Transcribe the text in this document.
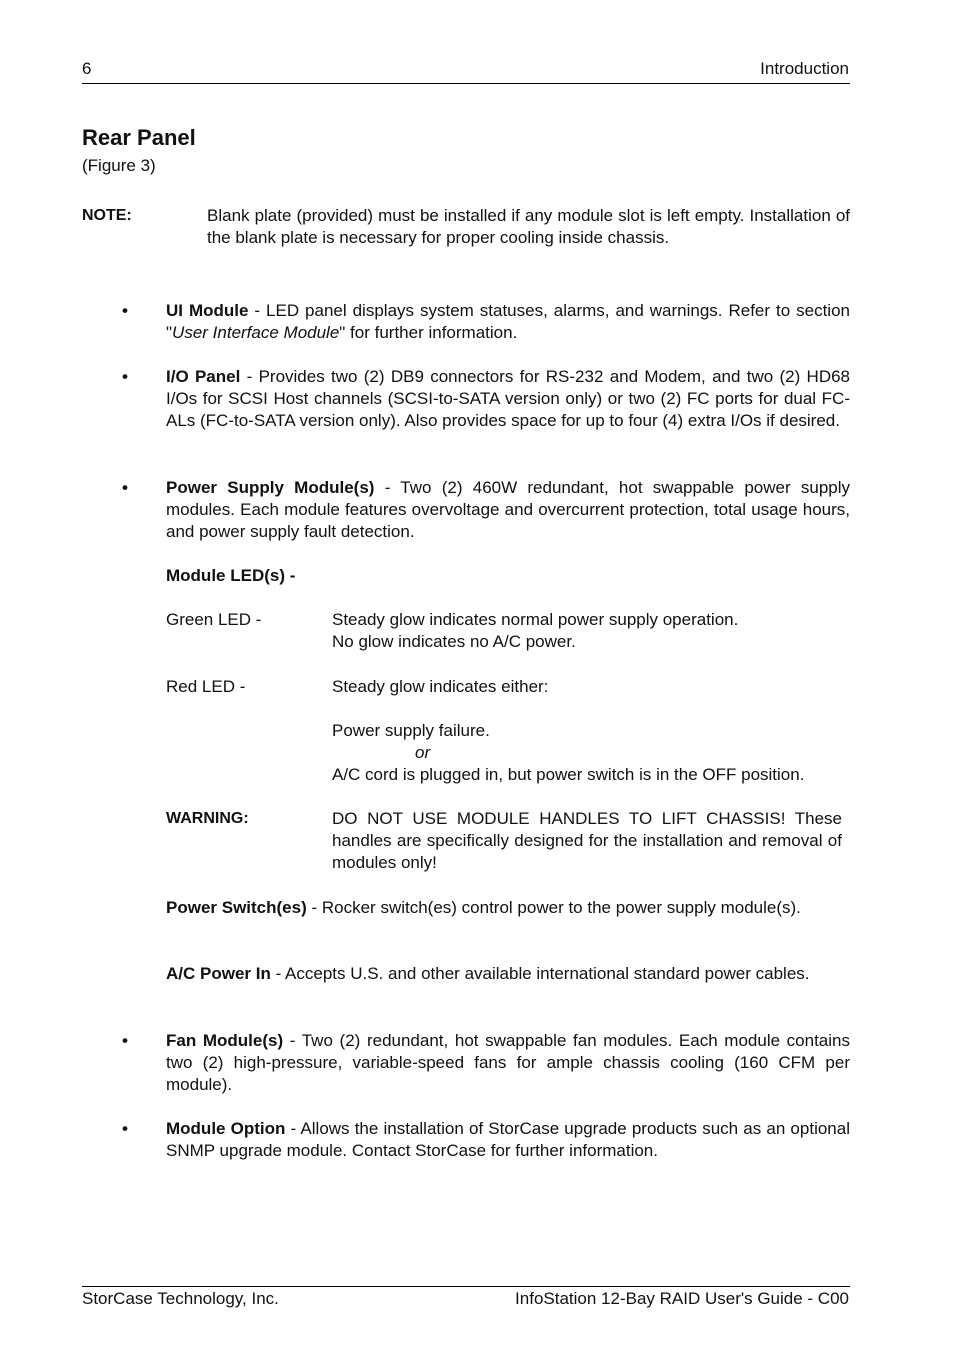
6	Introduction
Rear Panel
(Figure 3)
NOTE:	Blank plate (provided) must be installed if any module slot is left empty. Installation of the blank plate is necessary for proper cooling inside chassis.
• UI Module - LED panel displays system statuses, alarms, and warnings. Refer to section "User Interface Module" for further information.
• I/O Panel - Provides two (2) DB9 connectors for RS-232 and Modem, and two (2) HD68 I/Os for SCSI Host channels (SCSI-to-SATA version only) or two (2) FC ports for dual FC-ALs (FC-to-SATA version only). Also provides space for up to four (4) extra I/Os if desired.
• Power Supply Module(s) - Two (2) 460W redundant, hot swappable power supply modules. Each module features overvoltage and overcurrent protection, total usage hours, and power supply fault detection.
Module LED(s) -
Green LED -	Steady glow indicates normal power supply operation.
No glow indicates no A/C power.
Red LED -	Steady glow indicates either:
Power supply failure.
or
A/C cord is plugged in, but power switch is in the OFF position.
WARNING:	DO NOT USE MODULE HANDLES TO LIFT CHASSIS! These handles are specifically designed for the installation and removal of modules only!
Power Switch(es) - Rocker switch(es) control power to the power supply module(s).
A/C Power In - Accepts U.S. and other available international standard power cables.
• Fan Module(s) - Two (2) redundant, hot swappable fan modules. Each module contains two (2) high-pressure, variable-speed fans for ample chassis cooling (160 CFM per module).
• Module Option - Allows the installation of StorCase upgrade products such as an optional SNMP upgrade module. Contact StorCase for further information.
StorCase Technology, Inc.	InfoStation 12-Bay RAID User's Guide - C00
